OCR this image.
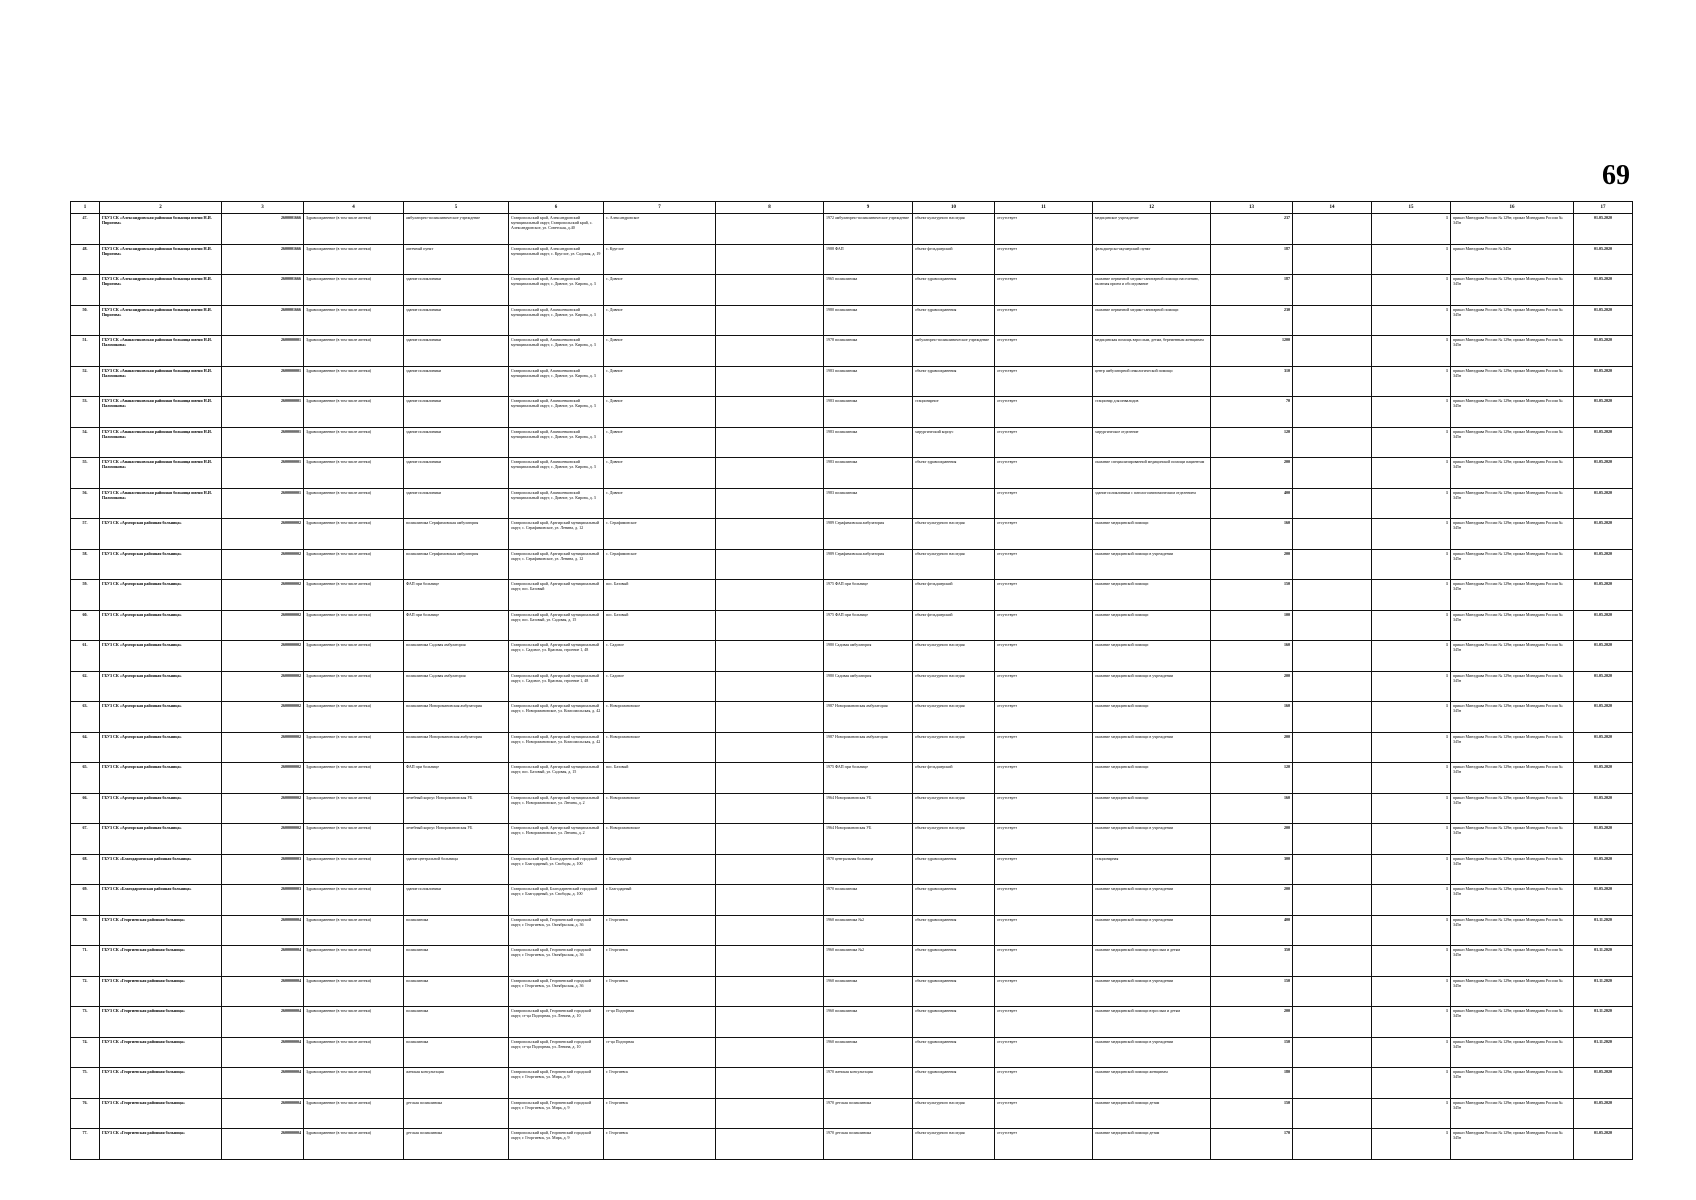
69
1	2	3	4	5	6	7	8	9	10	11	12	13	14	15	16	17
47.	ГБУЗ СК «Александровская районная больница имени Н.И. Пирогова»	2600001666	Здравоохранение (в том числе аптеки)	амбулаторно-поликлиническое учреждение	Ставропольский край, Александровский муниципальный округ, Ставропольский край, с. Александровское, ул. Советская, д.40	с. Александровское		1972 амбулаторно-поликлиническое учреждение	объект культурного наследия	отсутствует	медицинское учреждение	237		1	приказ Минздрава России № 129н; приказ Минздрава России № 345н	01.05.2020
48.	ГБУЗ СК «Александровская районная больница имени Н.И. Пирогова»	2600001666	Здравоохранение (в том числе аптеки)	аптечный пункт	Ставропольский край, Александровский муниципальный округ, с. Круглое, ул. Садовая, д. 19	с. Круглое		1988 ФАП	объект фельдшерский	отсутствует	фельдшерско-акушерский пункт	187		1	приказ Минздрава России № 345н	01.05.2020
49.	ГБУЗ СК «Александровская районная больница имени Н.И. Пирогова»	2600001666	Здравоохранение (в том числе аптеки)	здание поликлиники	Ставропольский край, Александровский муниципальный округ, с. Дивное, ул. Кирова, д. 3	с. Дивное		1965 поликлиника	объект здравоохранения	отсутствует	оказание первичной медико-санитарной помощи населению, включая прием и обследование	187		1	приказ Минздрава России № 129н; приказ Минздрава России № 345н	01.05.2020
50.	ГБУЗ СК «Александровская районная больница имени Н.И. Пирогова»	2600001666	Здравоохранение (в том числе аптеки)	здание поликлиники	Ставропольский край, Апанасенковский муниципальный округ, с. Дивное, ул. Кирова, д. 3	с. Дивное		1980 поликлиника	объект здравоохранения	отсутствует	оказание первичной медико-санитарной помощи	230		1	приказ Минздрава России № 129н; приказ Минздрава России № 345н	01.05.2020
51.	ГБУЗ СК «Апанасенковская районная больница имени Н.И. Пальчикова»	2600000001	Здравоохранение (в том числе аптеки)	здание поликлиники	Ставропольский край, Апанасенковский муниципальный округ, с. Дивное, ул. Кирова, д. 3	с. Дивное		1978 поликлиника	амбулаторно-поликлиническое учреждение	отсутствует	медицинская помощь взрослым, детям, беременным женщинам	1200		1	приказ Минздрава России № 129н; приказ Минздрава России № 345н	01.05.2020
52.	ГБУЗ СК «Апанасенковская районная больница имени Н.И. Пальчикова»	2600000001	Здравоохранение (в том числе аптеки)	здание поликлиники	Ставропольский край, Апанасенковский муниципальный округ, с. Дивное, ул. Кирова, д. 3	с. Дивное		1983 поликлиника	объект здравоохранения	отсутствует	центр амбулаторной онкологической помощи	310		1	приказ Минздрава России № 129н; приказ Минздрава России № 345н	01.05.2020
53.	ГБУЗ СК «Апанасенковская районная больница имени Н.И. Пальчикова»	2600000001	Здравоохранение (в том числе аптеки)	здание поликлиники	Ставропольский край, Апанасенковский муниципальный округ, с. Дивное, ул. Кирова, д. 3	с. Дивное		1983 поликлиника	стационарное	отсутствует	стационар для инвалидов	70		1	приказ Минздрава России № 129н; приказ Минздрава России № 345н	01.05.2020
54.	ГБУЗ СК «Апанасенковская районная больница имени Н.И. Пальчикова»	2600000001	Здравоохранение (в том числе аптеки)	здание поликлиники	Ставропольский край, Апанасенковский муниципальный округ, с. Дивное, ул. Кирова, д. 3	с. Дивное		1983 поликлиника	хирургический корпус	отсутствует	хирургическое отделение	120		1	приказ Минздрава России № 129н; приказ Минздрава России № 345н	01.05.2020
55.	ГБУЗ СК «Апанасенковская районная больница имени Н.И. Пальчикова»	2600000001	Здравоохранение (в том числе аптеки)	здание поликлиники	Ставропольский край, Апанасенковский муниципальный округ, с. Дивное, ул. Кирова, д. 3	с. Дивное		1983 поликлиника	объект здравоохранения	отсутствует	оказание специализированной медицинской помощи пациентам	200		1	приказ Минздрава России № 129н; приказ Минздрава России № 345н	01.05.2020
56.	ГБУЗ СК «Апанасенковская районная больница имени Н.И. Пальчикова»	2600000001	Здравоохранение (в том числе аптеки)	здание поликлиники	Ставропольский край, Апанасенковский муниципальный округ, с. Дивное, ул. Кирова, д. 3	с. Дивное		1983 поликлиника		отсутствует	здание поликлиники с патологоанатомическим отделением	400		1	приказ Минздрава России № 129н; приказ Минздрава России № 345н	01.05.2020
57.	ГБУЗ СК «Арзгирская районная больница»	2600000002	Здравоохранение (в том числе аптеки)	поликлиника Серафимовская амбулатория	Ставропольский край, Арзгирский муниципальный округ, с. Серафимовское, ул. Ленина, д. 12	с. Серафимовское		1989 Серафимовская амбулатория	объект культурного наследия	отсутствует	оказание медицинской помощи	160		1	приказ Минздрава России № 129н; приказ Минздрава России № 345н	01.05.2020
58.	ГБУЗ СК «Арзгирская районная больница»	2600000002	Здравоохранение (в том числе аптеки)	поликлиника Серафимовская амбулатория	Ставропольский край, Арзгирский муниципальный округ, с. Серафимовское, ул. Ленина, д. 12	с. Серафимовское		1989 Серафимовская амбулатория	объект культурного наследия	отсутствует	оказание медицинской помощи в учреждении	200		1	приказ Минздрава России № 129н; приказ Минздрава России № 345н	01.05.2020
59.	ГБУЗ СК «Арзгирская районная больница»	2600000002	Здравоохранение (в том числе аптеки)	ФАП при больнице	Ставропольский край, Арзгирский муниципальный округ, пос. Базовый	пос. Базовый		1975 ФАП при больнице	объект фельдшерский	отсутствует	оказание медицинской помощи	150		1	приказ Минздрава России № 129н; приказ Минздрава России № 345н	01.05.2020
60.	ГБУЗ СК «Арзгирская районная больница»	2600000002	Здравоохранение (в том числе аптеки)	ФАП при больнице	Ставропольский край, Арзгирский муниципальный округ, пос. Базовый, ул. Садовая, д. 15	пос. Базовый		1975 ФАП при больнице	объект фельдшерский	отсутствует	оказание медицинской помощи	100		1	приказ Минздрава России № 129н; приказ Минздрава России № 345н	01.05.2020
61.	ГБУЗ СК «Арзгирская районная больница»	2600000002	Здравоохранение (в том числе аптеки)	поликлиника Садовая амбулатория	Ставропольский край, Арзгирский муниципальный округ, с. Садовое, ул. Красная, строение 1, 48	с. Садовое		1980 Садовая амбулатория	объект культурного наследия	отсутствует	оказание медицинской помощи	160		1	приказ Минздрава России № 129н; приказ Минздрава России № 345н	01.05.2020
62.	ГБУЗ СК «Арзгирская районная больница»	2600000002	Здравоохранение (в том числе аптеки)	поликлиника Садовая амбулатория	Ставропольский край, Арзгирский муниципальный округ, с. Садовое, ул. Красная, строение 1, 48	с. Садовое		1980 Садовая амбулатория	объект культурного наследия	отсутствует	оказание медицинской помощи в учреждении	200		1	приказ Минздрава России № 129н; приказ Минздрава России № 345н	01.05.2020
63.	ГБУЗ СК «Арзгирская районная больница»	2600000002	Здравоохранение (в том числе аптеки)	поликлиника Новоромановская амбулатория	Ставропольский край, Арзгирский муниципальный округ, с. Новоромановское, ул. Комсомольская, д. 42	с. Новоромановское		1987 Новоромановская амбулатория	объект культурного наследия	отсутствует	оказание медицинской помощи	160		1	приказ Минздрава России № 129н; приказ Минздрава России № 345н	01.05.2020
64.	ГБУЗ СК «Арзгирская районная больница»	2600000002	Здравоохранение (в том числе аптеки)	поликлиника Новоромановская амбулатория	Ставропольский край, Арзгирский муниципальный округ, с. Новоромановское, ул. Комсомольская, д. 42	с. Новоромановское		1987 Новоромановская амбулатория	объект культурного наследия	отсутствует	оказание медицинской помощи в учреждении	200		1	приказ Минздрава России № 129н; приказ Минздрава России № 345н	01.05.2020
65.	ГБУЗ СК «Арзгирская районная больница»	2600000002	Здравоохранение (в том числе аптеки)	ФАП при больнице	Ставропольский край, Арзгирский муниципальный округ, пос. Базовый, ул. Садовая, д. 15	пос. Базовый		1975 ФАП при больнице	объект фельдшерский	отсутствует	оказание медицинской помощи	120		1	приказ Минздрава России № 129н; приказ Минздрава России № 345н	01.05.2020
66.	ГБУЗ СК «Арзгирская районная больница»	2600000002	Здравоохранение (в том числе аптеки)	лечебный корпус Новоромановская УБ	Ставропольский край, Арзгирский муниципальный округ, с. Новоромановское, ул. Ленина, д. 2	с. Новоромановское		1964 Новоромановская УБ	объект культурного наследия	отсутствует	оказание медицинской помощи	160		1	приказ Минздрава России № 129н; приказ Минздрава России № 345н	01.05.2020
67.	ГБУЗ СК «Арзгирская районная больница»	2600000002	Здравоохранение (в том числе аптеки)	лечебный корпус Новоромановская УБ	Ставропольский край, Арзгирский муниципальный округ, с. Новоромановское, ул. Ленина, д. 2	с. Новоромановское		1964 Новоромановская УБ	объект культурного наследия	отсутствует	оказание медицинской помощи в учреждении	200		1	приказ Минздрава России № 129н; приказ Минздрава России № 345н	01.05.2020
68.	ГБУЗ СК «Благодарненская районная больница»	2600000003	Здравоохранение (в том числе аптеки)	здание центральной больницы	Ставропольский край, Благодарненский городской округ, г. Благодарный, ул. Свободы, д. 100	г. Благодарный		1970 центральная больница	объект здравоохранения	отсутствует	стационарная	300		1	приказ Минздрава России № 129н; приказ Минздрава России № 345н	01.05.2020
69.	ГБУЗ СК «Благодарненская районная больница»	2600000003	Здравоохранение (в том числе аптеки)	здание поликлиники	Ставропольский край, Благодарненский городской округ, г. Благодарный, ул. Свободы, д. 100	г. Благодарный		1970 поликлиника	объект здравоохранения	отсутствует	оказание медицинской помощи в учреждении	200		1	приказ Минздрава России № 129н; приказ Минздрава России № 345н	01.05.2020
70.	ГБУЗ СК «Георгиевская районная больница»	2600000004	Здравоохранение (в том числе аптеки)	поликлиника	Ставропольский край, Георгиевский городской округ, г. Георгиевск, ул. Октябрьская, д. 36	г. Георгиевск		1960 поликлиника №2	объект здравоохранения	отсутствует	оказание медицинской помощи в учреждении	400		1	приказ Минздрава России № 129н; приказ Минздрава России № 345н	01.11.2020
71.	ГБУЗ СК «Георгиевская районная больница»	2600000004	Здравоохранение (в том числе аптеки)	поликлиника	Ставропольский край, Георгиевский городской округ, г. Георгиевск, ул. Октябрьская, д. 36	г. Георгиевск		1960 поликлиника №2	объект здравоохранения	отсутствует	оказание медицинской помощи взрослым и детям	350		1	приказ Минздрава России № 129н; приказ Минздрава России № 345н	01.11.2020
72.	ГБУЗ СК «Георгиевская районная больница»	2600000004	Здравоохранение (в том числе аптеки)	поликлиника	Ставропольский край, Георгиевский городской округ, г. Георгиевск, ул. Октябрьская, д. 36	г. Георгиевск		1960 поликлиника	объект здравоохранения	отсутствует	оказание медицинской помощи в учреждении	150		1	приказ Минздрава России № 129н; приказ Минздрава России № 345н	01.11.2020
73.	ГБУЗ СК «Георгиевская районная больница»	2600000004	Здравоохранение (в том числе аптеки)	поликлиника	Ставропольский край, Георгиевский городской округ, ст-ца Подгорная, ул. Ленина, д. 10	ст-ца Подгорная		1960 поликлиника	объект здравоохранения	отсутствует	оказание медицинской помощи взрослым и детям	200		1	приказ Минздрава России № 129н; приказ Минздрава России № 345н	01.11.2020
74.	ГБУЗ СК «Георгиевская районная больница»	2600000004	Здравоохранение (в том числе аптеки)	поликлиника	Ставропольский край, Георгиевский городской округ, ст-ца Подгорная, ул. Ленина, д. 10	ст-ца Подгорная		1960 поликлиника	объект здравоохранения	отсутствует	оказание медицинской помощи в учреждении	150		1	приказ Минздрава России № 129н; приказ Минздрава России № 345н	01.11.2020
75.	ГБУЗ СК «Георгиевская районная больница»	2600000004	Здравоохранение (в том числе аптеки)	женская консультация	Ставропольский край, Георгиевский городской округ, г. Георгиевск, ул. Мира, д. 9	г. Георгиевск		1970 женская консультация	объект здравоохранения	отсутствует	оказание медицинской помощи женщинам	180		1	приказ Минздрава России № 129н; приказ Минздрава России № 345н	01.05.2020
76.	ГБУЗ СК «Георгиевская районная больница»	2600000004	Здравоохранение (в том числе аптеки)	детская поликлиника	Ставропольский край, Георгиевский городской округ, г. Георгиевск, ул. Мира, д. 9	г. Георгиевск		1970 детская поликлиника	объект культурного наследия	отсутствует	оказание медицинской помощи детям	150		1	приказ Минздрава России № 129н; приказ Минздрава России № 345н	01.05.2020
77.	ГБУЗ СК «Георгиевская районная больница»	2600000004	Здравоохранение (в том числе аптеки)	детская поликлиника	Ставропольский край, Георгиевский городской округ, г. Георгиевск, ул. Мира, д. 9	г. Георгиевск		1970 детская поликлиника	объект культурного наследия	отсутствует	оказание медицинской помощи детям	170		1	приказ Минздрава России № 129н; приказ Минздрава России № 345н	01.05.2020
